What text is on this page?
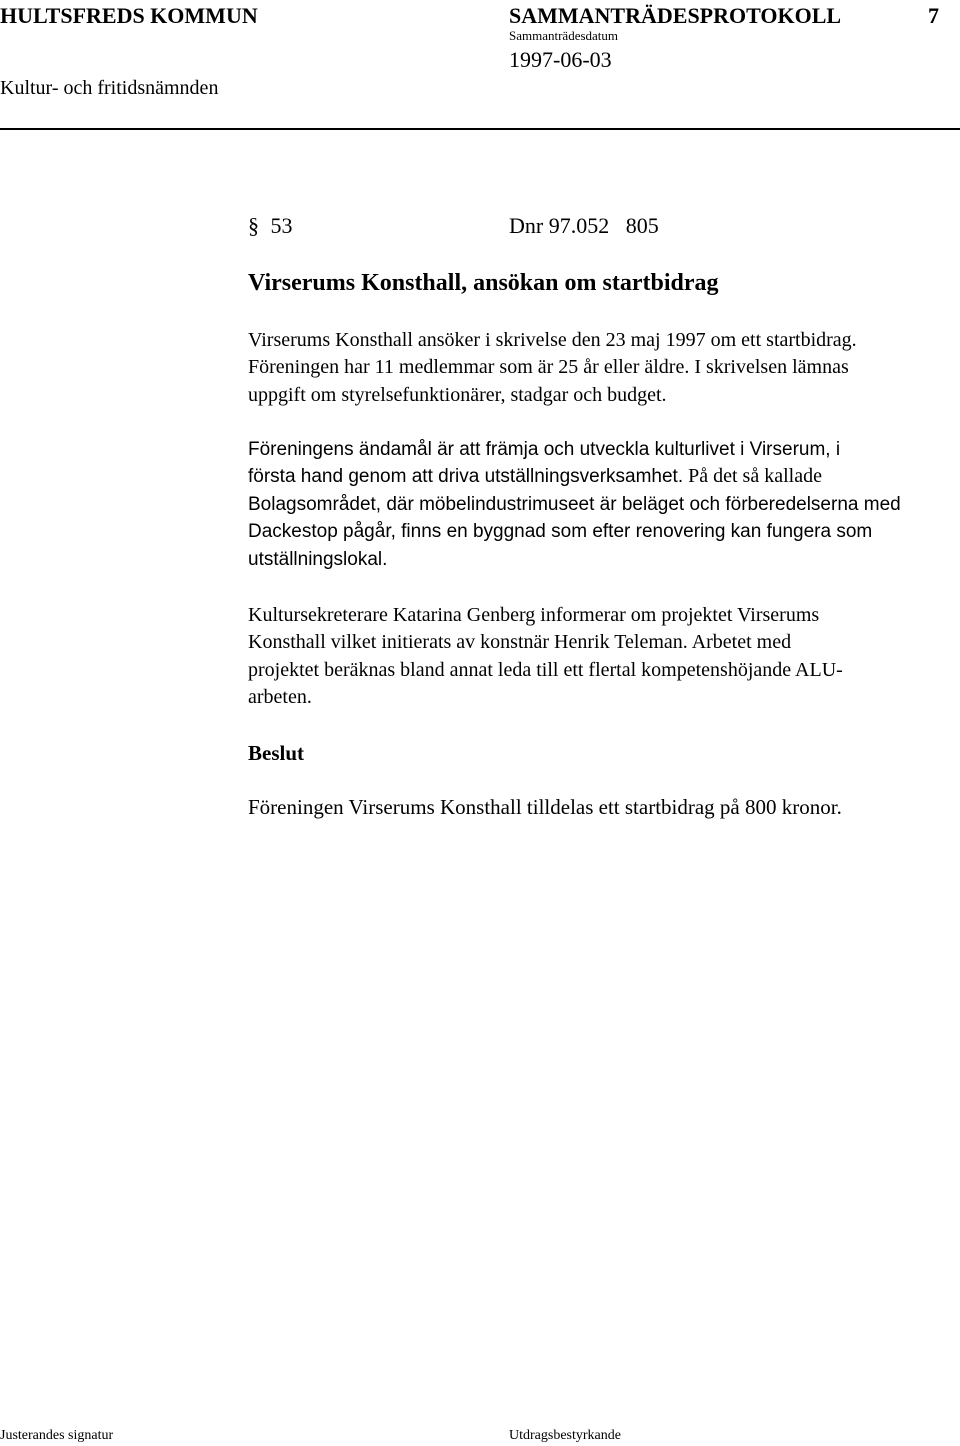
HULTSFREDS KOMMUN	SAMMANTRÄDESPROTOKOLL	7
Sammanträdesdatum
1997-06-03
Kultur- och fritidsnämnden
§ 53	Dnr 97.052   805
Virserums Konsthall, ansökan om startbidrag
Virserums Konsthall ansöker i skrivelse den 23 maj 1997 om ett startbidrag.
Föreningen har 11 medlemmar som är 25 år eller äldre. I skrivelsen lämnas
uppgift om styrelsefunktionärer, stadgar och budget.
Föreningens ändamål är att främja och utveckla kulturlivet i Virserum, i
första hand genom att driva utställningsverksamhet. På det så kallade
Bolagsområdet, där möbelindustrimuseet är beläget och förberedelserna med
Dackestop pågår, finns en byggnad som efter renovering kan fungera som
utställningslokal.
Kultursekreterare Katarina Genberg informerar om projektet Virserums
Konsthall vilket initierats av konstnär Henrik Teleman. Arbetet med
projektet beräknas bland annat leda till ett flertal kompetenshöjande ALU-
arbeten.
Beslut
Föreningen Virserums Konsthall tilldelas ett startbidrag på 800 kronor.
Justerandes signatur	Utdragsbestyrkande
